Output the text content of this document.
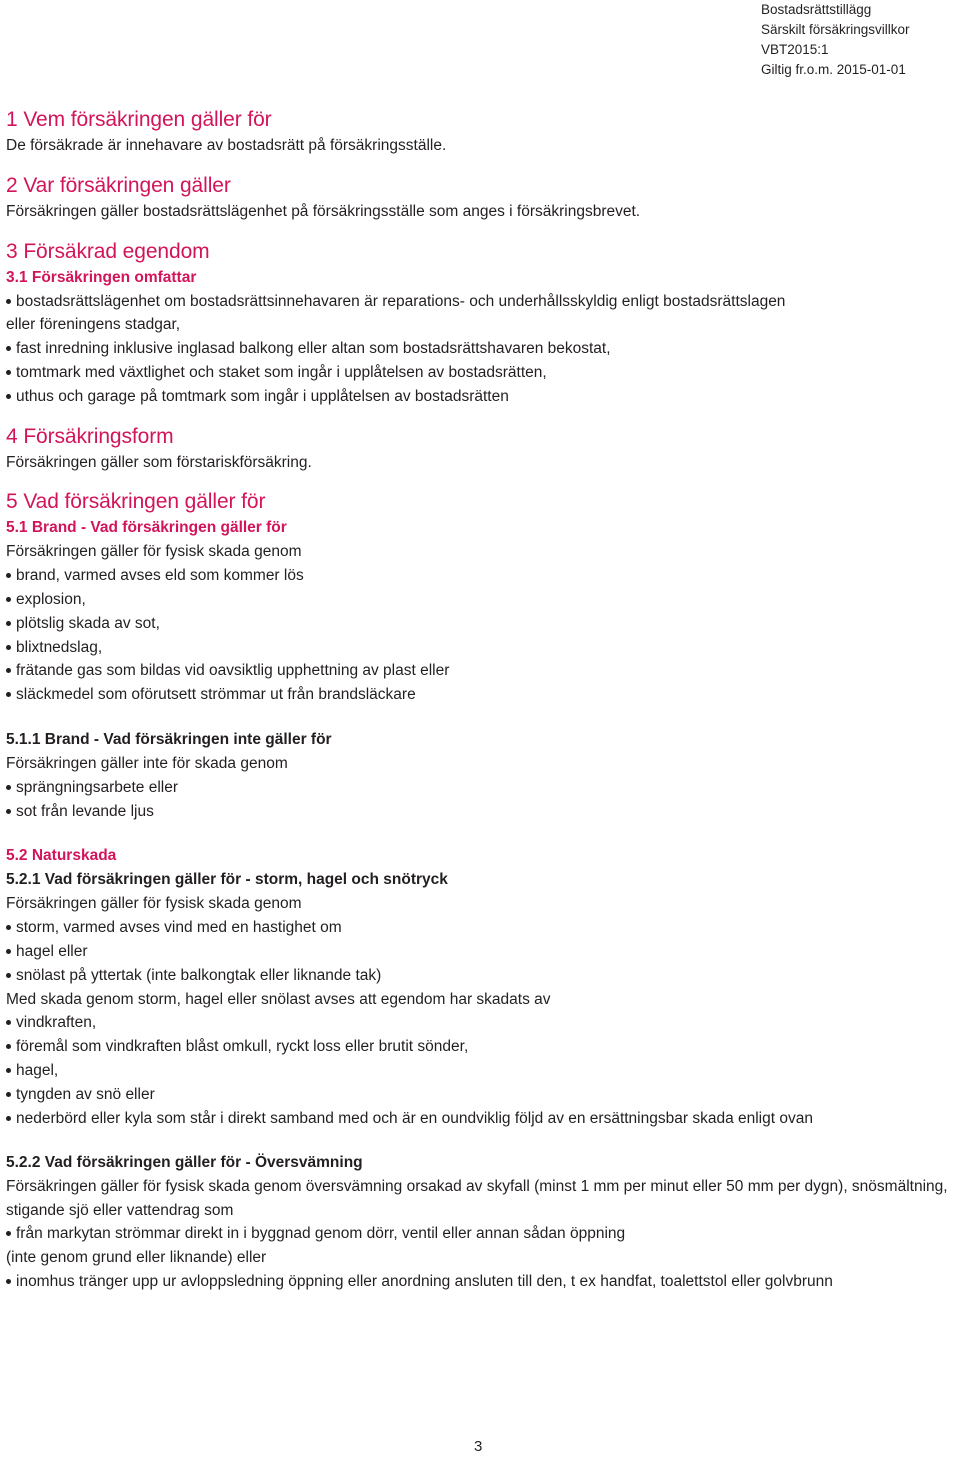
Bostadsrättstillägg
Särskilt försäkringsvillkor VBT2015:1
Giltig fr.o.m. 2015-01-01
1 Vem försäkringen gäller för
De försäkrade är innehavare av bostadsrätt på försäkringsställe.
2 Var försäkringen gäller
Försäkringen gäller bostadsrättslägenhet på försäkringsställe som anges i försäkringsbrevet.
3 Försäkrad egendom
3.1 Försäkringen omfattar
bostadsrättslägenhet om bostadsrättsinnehavaren är reparations- och underhållsskyldig enligt bostadsrättslagen
eller föreningens stadgar,
fast inredning inklusive inglasad balkong eller altan som bostadsrättshavaren bekostat,
tomtmark med växtlighet och staket som ingår i upplåtelsen av bostadsrätten,
uthus och garage på tomtmark som ingår i upplåtelsen av bostadsrätten
4 Försäkringsform
Försäkringen gäller som förstariskförsäkring.
5 Vad försäkringen gäller för
5.1 Brand - Vad försäkringen gäller för
Försäkringen gäller för fysisk skada genom
brand, varmed avses eld som kommer lös
explosion,
plötslig skada av sot,
blixtnedslag,
frätande gas som bildas vid oavsiktlig upphettning av plast eller
släckmedel som oförutsett strömmar ut från brandsläckare
5.1.1 Brand - Vad försäkringen inte gäller för
Försäkringen gäller inte för skada genom
sprängningsarbete eller
sot från levande ljus
5.2 Naturskada
5.2.1 Vad försäkringen gäller för - storm, hagel och snötryck
Försäkringen gäller för fysisk skada genom
storm, varmed avses vind med en hastighet om
hagel eller
snölast på yttertak (inte balkongtak eller liknande tak)
Med skada genom storm, hagel eller snölast avses att egendom har skadats av
vindkraften,
föremål som vindkraften blåst omkull, ryckt loss eller brutit sönder,
hagel,
tyngden av snö eller
nederbörd eller kyla som står i direkt samband med och är en oundviklig följd av en ersättningsbar skada enligt ovan
5.2.2 Vad försäkringen gäller för - Översvämning
Försäkringen gäller för fysisk skada genom översvämning orsakad av skyfall (minst 1 mm per minut eller 50 mm per dygn), snösmältning, stigande sjö eller vattendrag som
från markytan strömmar direkt in i byggnad genom dörr, ventil eller annan sådan öppning
(inte genom grund eller liknande) eller
inomhus tränger upp ur avloppsledning öppning eller anordning ansluten till den, t ex handfat, toalettstol eller golvbrunn
3
